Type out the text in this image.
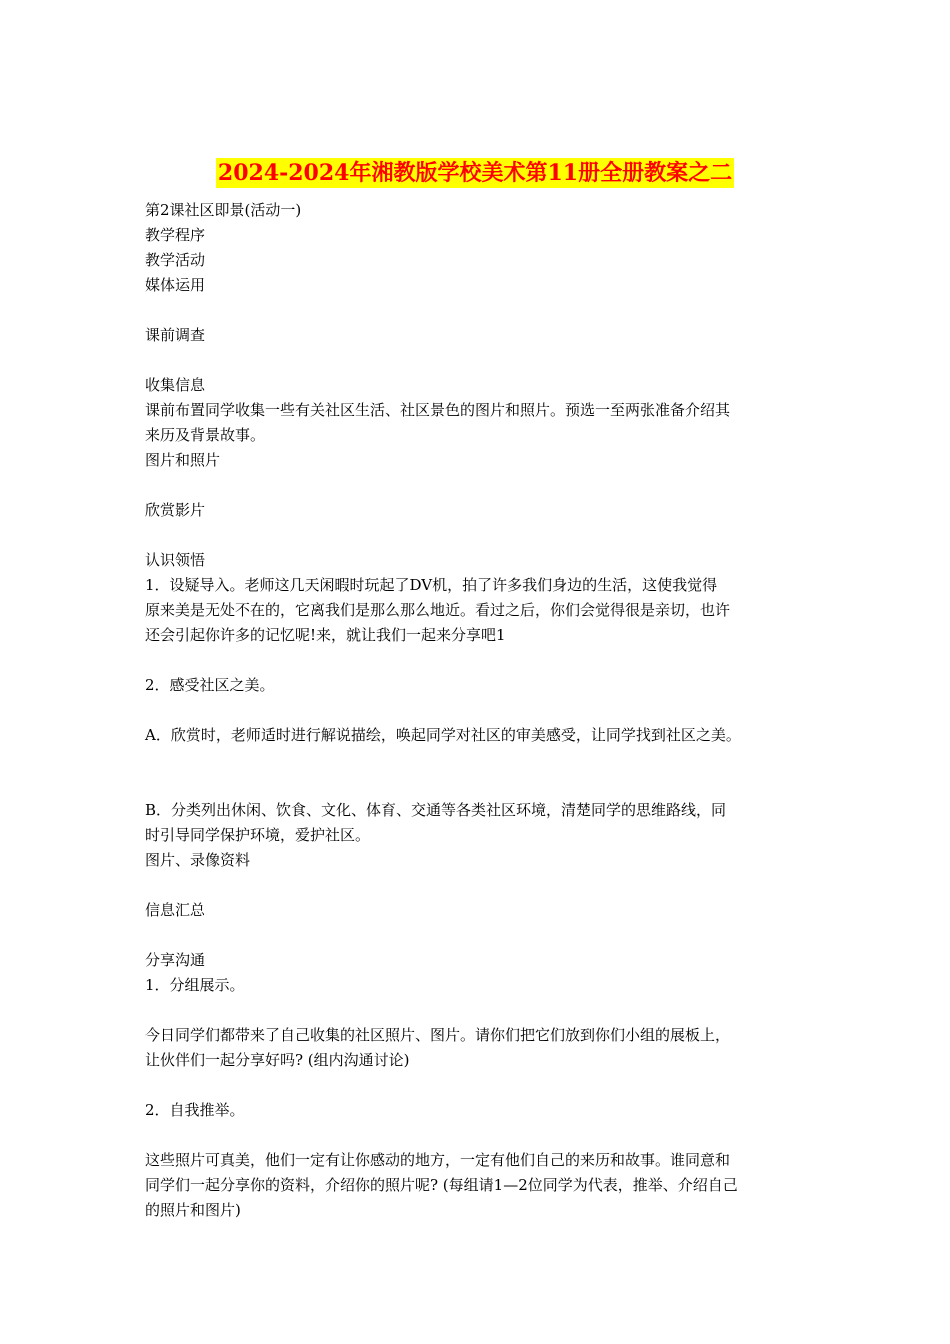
2024-2024年湘教版学校美术第11册全册教案之二

第2课社区即景(活动一)

教学程序

教学活动

媒体运用

课前调查

收集信息

课前布置同学收集一些有关社区生活、社区景色的图片和照片。预选一至两张准备介绍其

来历及背景故事。

图片和照片

欣赏影片

认识领悟

1．设疑导入。老师这几天闲暇时玩起了DV机，拍了许多我们身边的生活，这使我觉得

原来美是无处不在的，它离我们是那么那么地近。看过之后，你们会觉得很是亲切，也许

还会引起你许多的记忆呢!来，就让我们一起来分享吧1

2．感受社区之美。

A．欣赏时，老师适时进行解说描绘，唤起同学对社区的审美感受，让同学找到社区之美。

B．分类列出休闲、饮食、文化、体育、交通等各类社区环境，清楚同学的思维路线，同

时引导同学保护环境，爱护社区。

图片、录像资料

信息汇总

分享沟通

1．分组展示。

今日同学们都带来了自己收集的社区照片、图片。请你们把它们放到你们小组的展板上，

让伙伴们一起分享好吗? (组内沟通讨论)

2．自我推举。

这些照片可真美，他们一定有让你感动的地方，一定有他们自己的来历和故事。谁同意和

同学们一起分享你的资料，介绍你的照片呢? (每组请1—2位同学为代表，推举、介绍自己

的照片和图片)
